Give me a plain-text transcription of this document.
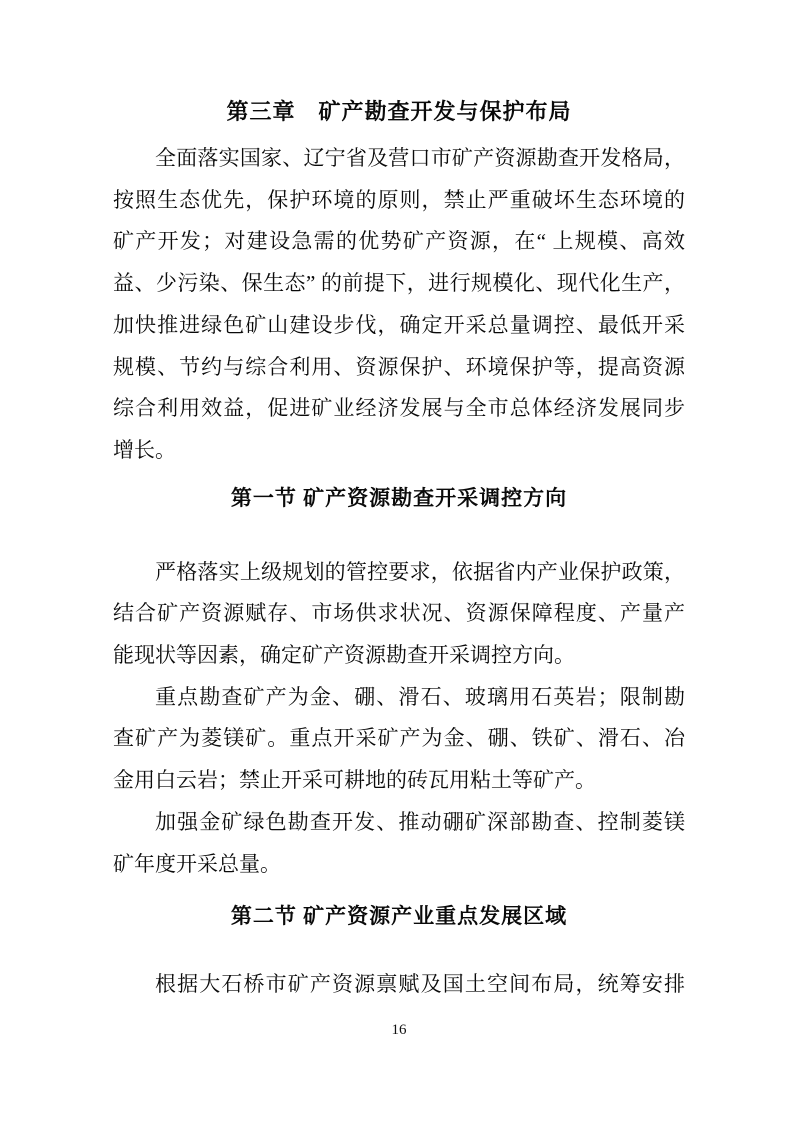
第三章　矿产勘查开发与保护布局
全面落实国家、辽宁省及营口市矿产资源勘查开发格局，
按照生态优先，保护环境的原则，禁止严重破坏生态环境的
矿产开发；对建设急需的优势矿产资源，在“ 上规模、高效
益、少污染、保生态” 的前提下，进行规模化、现代化生产，
加快推进绿色矿山建设步伐，确定开采总量调控、最低开采
规模、节约与综合利用、资源保护、环境保护等，提高资源
综合利用效益，促进矿业经济发展与全市总体经济发展同步
增长。
第一节 矿产资源勘查开采调控方向
严格落实上级规划的管控要求，依据省内产业保护政策，
结合矿产资源赋存、市场供求状况、资源保障程度、产量产
能现状等因素，确定矿产资源勘查开采调控方向。
重点勘查矿产为金、硼、滑石、玻璃用石英岩；限制勘
查矿产为菱镁矿。重点开采矿产为金、硼、铁矿、滑石、冶
金用白云岩；禁止开采可耕地的砖瓦用粘土等矿产。
加强金矿绿色勘查开发、推动硼矿深部勘查、控制菱镁
矿年度开采总量。
第二节 矿产资源产业重点发展区域
根据大石桥市矿产资源禀赋及国土空间布局，统筹安排
16
